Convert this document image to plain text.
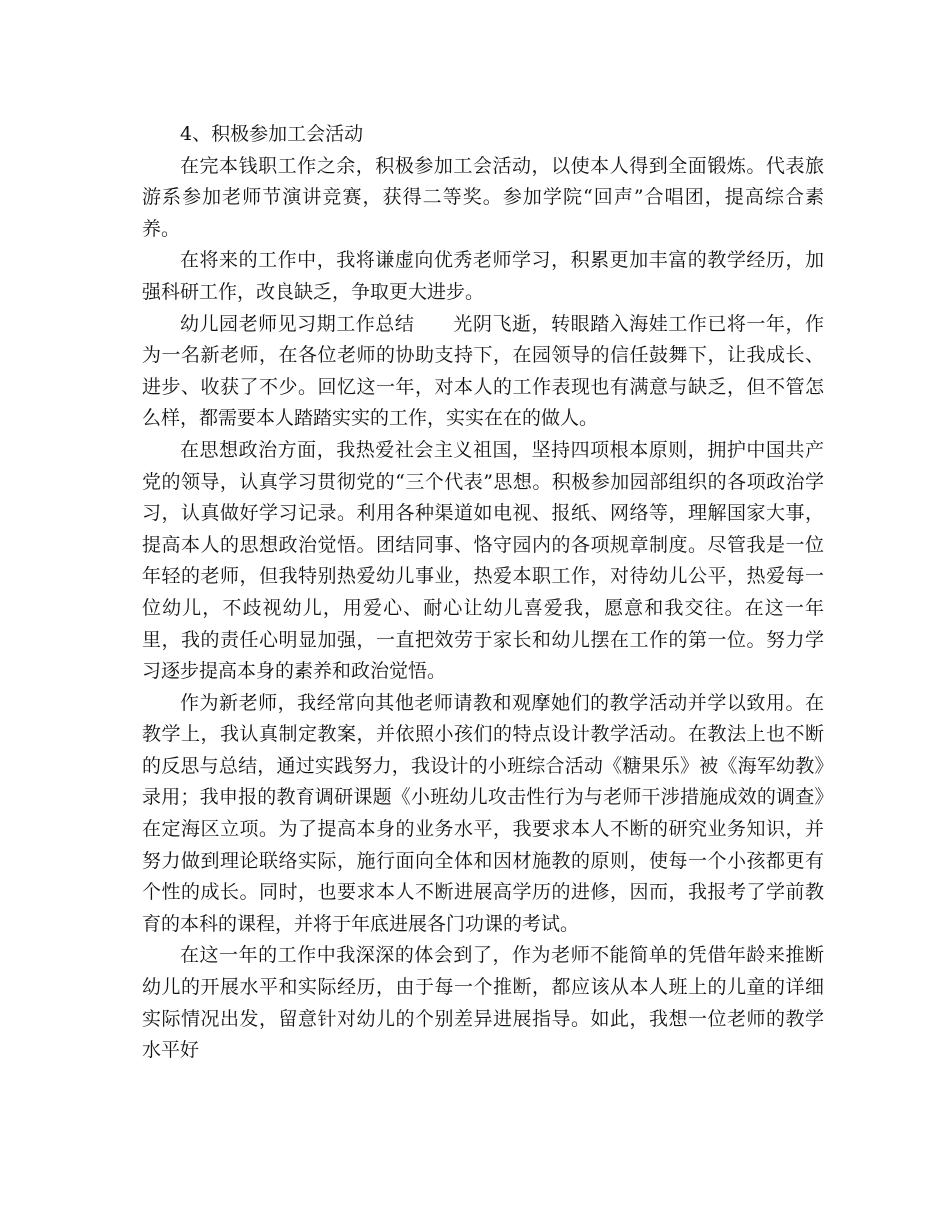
4、积极参加工会活动

在完本钱职工作之余，积极参加工会活动，以使本人得到全面锻炼。代表旅游系参加老师节演讲竞赛，获得二等奖。参加学院“回声”合唱团，提高综合素养。

在将来的工作中，我将谦虚向优秀老师学习，积累更加丰富的教学经历，加强科研工作，改良缺乏，争取更大进步。

幼儿园老师见习期工作总结　　光阴飞逝，转眼踏入海娃工作已将一年，作为一名新老师，在各位老师的协助支持下，在园领导的信任鼓舞下，让我成长、进步、收获了不少。回忆这一年，对本人的工作表现也有满意与缺乏，但不管怎么样，都需要本人踏踏实实的工作，实实在在的做人。

在思想政治方面，我热爱社会主义祖国，坚持四项根本原则，拥护中国共产党的领导，认真学习贯彻党的“三个代表”思想。积极参加园部组织的各项政治学习，认真做好学习记录。利用各种渠道如电视、报纸、网络等，理解国家大事，提高本人的思想政治觉悟。团结同事、恪守园内的各项规章制度。尽管我是一位年轻的老师，但我特别热爱幼儿事业，热爱本职工作，对待幼儿公平，热爱每一位幼儿，不歧视幼儿，用爱心、耐心让幼儿喜爱我，愿意和我交往。在这一年里，我的责任心明显加强，一直把效劳于家长和幼儿摆在工作的第一位。努力学习逐步提高本身的素养和政治觉悟。

作为新老师，我经常向其他老师请教和观摩她们的教学活动并学以致用。在教学上，我认真制定教案，并依照小孩们的特点设计教学活动。在教法上也不断的反思与总结，通过实践努力，我设计的小班综合活动《糖果乐》被《海军幼教》录用；我申报的教育调研课题《小班幼儿攻击性行为与老师干涉措施成效的调查》在定海区立项。为了提高本身的业务水平，我要求本人不断的研究业务知识，并努力做到理论联络实际，施行面向全体和因材施教的原则，使每一个小孩都更有个性的成长。同时，也要求本人不断进展高学历的进修，因而，我报考了学前教育的本科的课程，并将于年底进展各门功课的考试。

在这一年的工作中我深深的体会到了，作为老师不能简单的凭借年龄来推断幼儿的开展水平和实际经历，由于每一个推断，都应该从本人班上的儿童的详细实际情况出发，留意针对幼儿的个别差异进展指导。如此，我想一位老师的教学水平好
